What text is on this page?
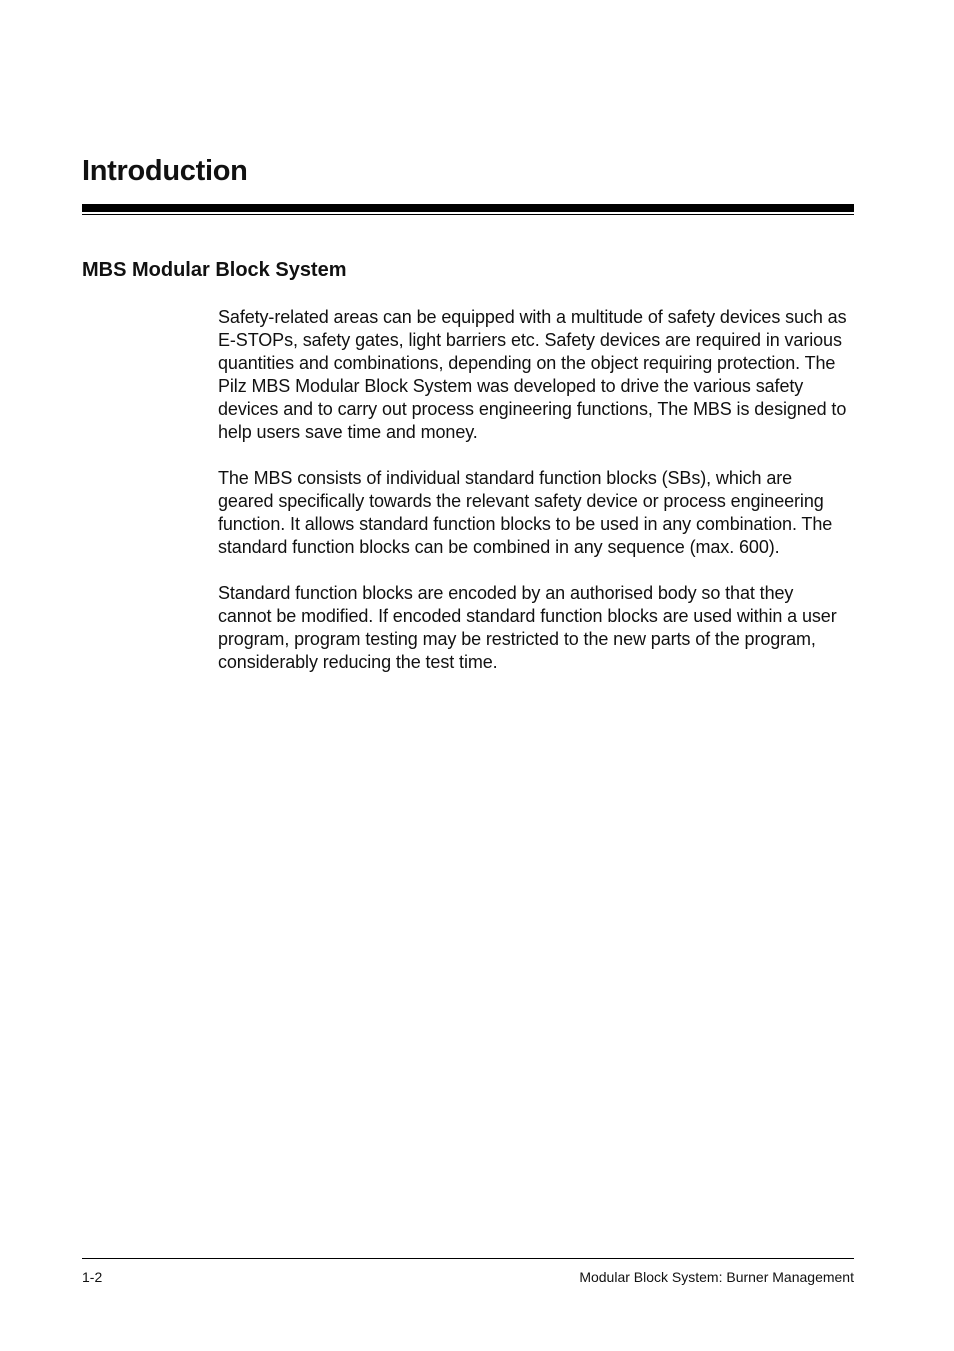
Introduction
MBS Modular Block System

Safety-related areas can be equipped with a multitude of safety devices such as E-STOPs, safety gates, light barriers etc. Safety devices are required in various quantities and combinations, depending on the object requiring protection. The Pilz MBS Modular Block System was developed to drive the various safety devices and to carry out process engineering functions, The MBS is designed to help users save time and money.

The MBS consists of individual standard function blocks (SBs), which are geared specifically towards the relevant safety device or process engineering function. It allows standard function blocks to be used in any combination. The standard function blocks can be combined in any sequence (max. 600).

Standard function blocks are encoded by an authorised body so that they cannot be modified. If encoded standard function blocks are used within a user program, program testing may be restricted to the new parts of the program, considerably reducing the test time.

1-2	Modular Block System: Burner Management
